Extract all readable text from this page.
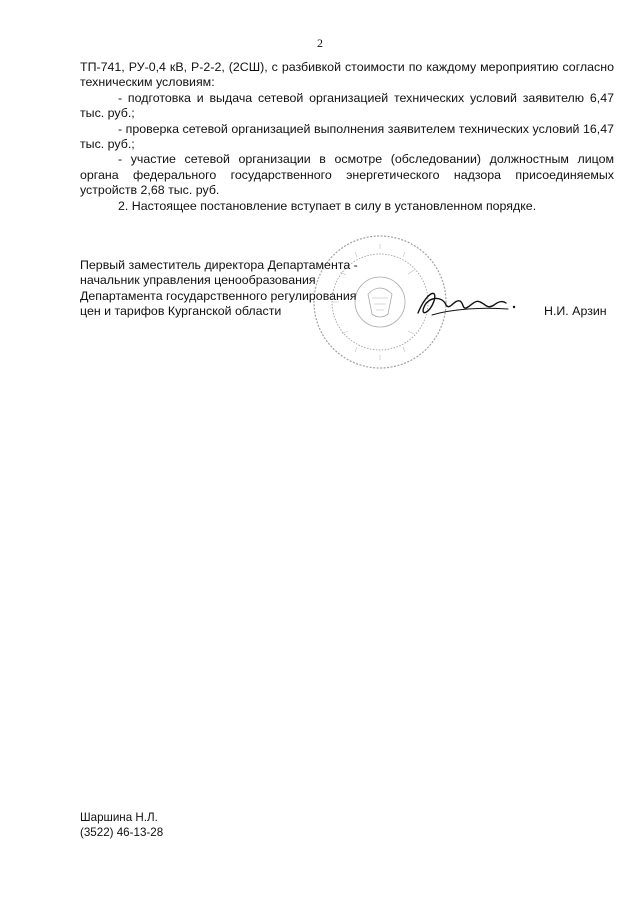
2

ТП-741, РУ-0,4 кВ, Р-2-2, (2СШ), с разбивкой стоимости по каждому мероприятию согласно техническим условиям:

- подготовка и выдача сетевой организацией технических условий заявителю 6,47 тыс. руб.;

- проверка сетевой организацией выполнения заявителем технических условий 16,47 тыс. руб.;

- участие сетевой организации в осмотре (обследовании) должностным лицом органа федерального государственного энергетического надзора присоединяемых устройств 2,68 тыс. руб.

2. Настоящее постановление вступает в силу в установленном порядке.

Первый заместитель директора Департамента -
начальник управления ценообразования
Департамента государственного регулирования
цен и тарифов Курганской области	Н.И. Арзин
Шаршина Н.Л.
(3522) 46-13-28
